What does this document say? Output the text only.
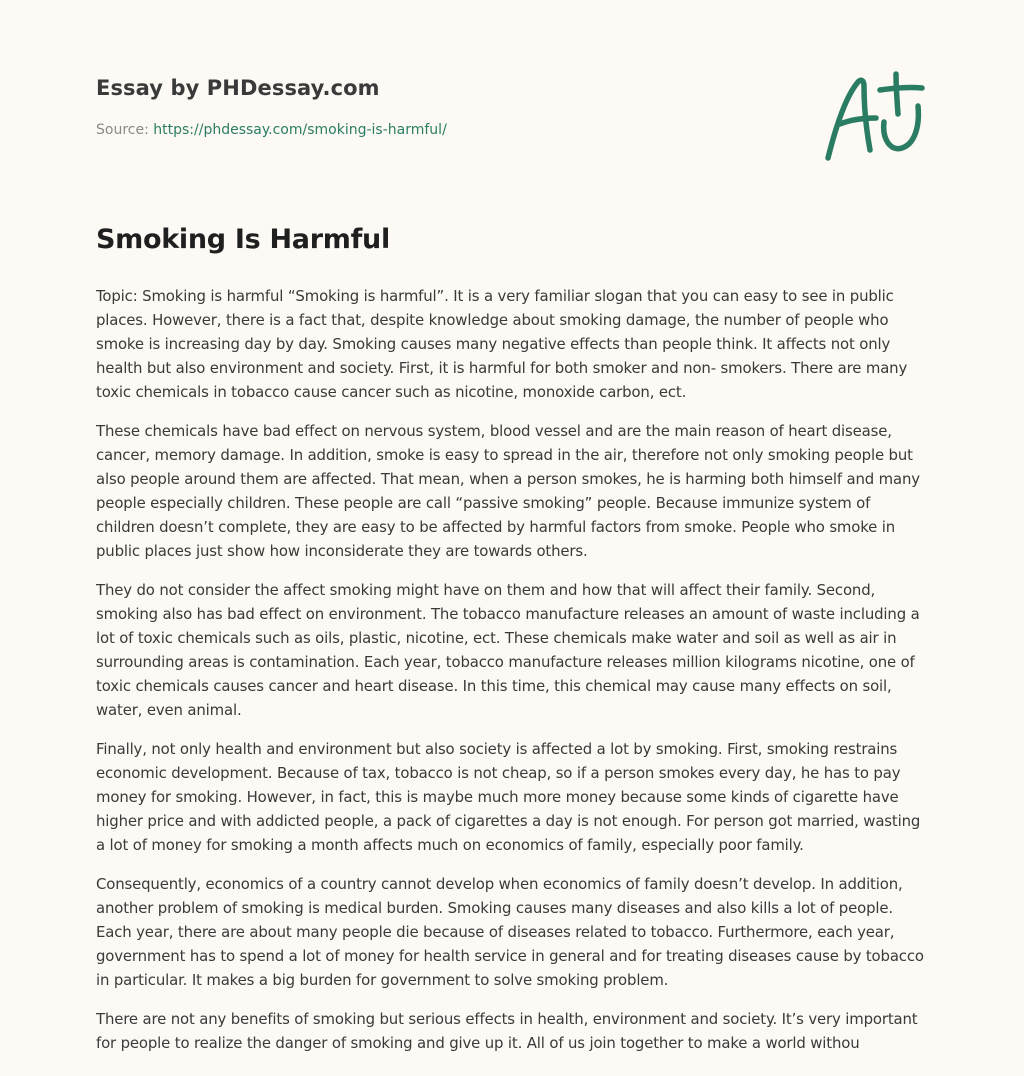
Essay by PHDessay.com
Source: https://phdessay.com/smoking-is-harmful/
Smoking Is Harmful

Topic: Smoking is harmful “Smoking is harmful”. It is a very familiar slogan that you can easy to see in public places. However, there is a fact that, despite knowledge about smoking damage, the number of people who smoke is increasing day by day. Smoking causes many negative effects than people think. It affects not only health but also environment and society. First, it is harmful for both smoker and non- smokers. There are many toxic chemicals in tobacco cause cancer such as nicotine, monoxide carbon, ect.

These chemicals have bad effect on nervous system, blood vessel and are the main reason of heart disease, cancer, memory damage. In addition, smoke is easy to spread in the air, therefore not only smoking people but also people around them are affected. That mean, when a person smokes, he is harming both himself and many people especially children. These people are call “passive smoking” people. Because immunize system of children doesn’t complete, they are easy to be affected by harmful factors from smoke. People who smoke in public places just show how inconsiderate they are towards others.

They do not consider the affect smoking might have on them and how that will affect their family. Second, smoking also has bad effect on environment. The tobacco manufacture releases an amount of waste including a lot of toxic chemicals such as oils, plastic, nicotine, ect. These chemicals make water and soil as well as air in surrounding areas is contamination. Each year, tobacco manufacture releases million kilograms nicotine, one of toxic chemicals causes cancer and heart disease. In this time, this chemical may cause many effects on soil, water, even animal.

Finally, not only health and environment but also society is affected a lot by smoking. First, smoking restrains economic development. Because of tax, tobacco is not cheap, so if a person smokes every day, he has to pay money for smoking. However, in fact, this is maybe much more money because some kinds of cigarette have higher price and with addicted people, a pack of cigarettes a day is not enough. For person got married, wasting a lot of money for smoking a month affects much on economics of family, especially poor family.

Consequently, economics of a country cannot develop when economics of family doesn’t develop. In addition, another problem of smoking is medical burden. Smoking causes many diseases and also kills a lot of people. Each year, there are about many people die because of diseases related to tobacco. Furthermore, each year, government has to spend a lot of money for health service in general and for treating diseases cause by tobacco in particular. It makes a big burden for government to solve smoking problem.

There are not any benefits of smoking but serious effects in health, environment and society. It’s very important for people to realize the danger of smoking and give up it. All of us join together to make a world withou
